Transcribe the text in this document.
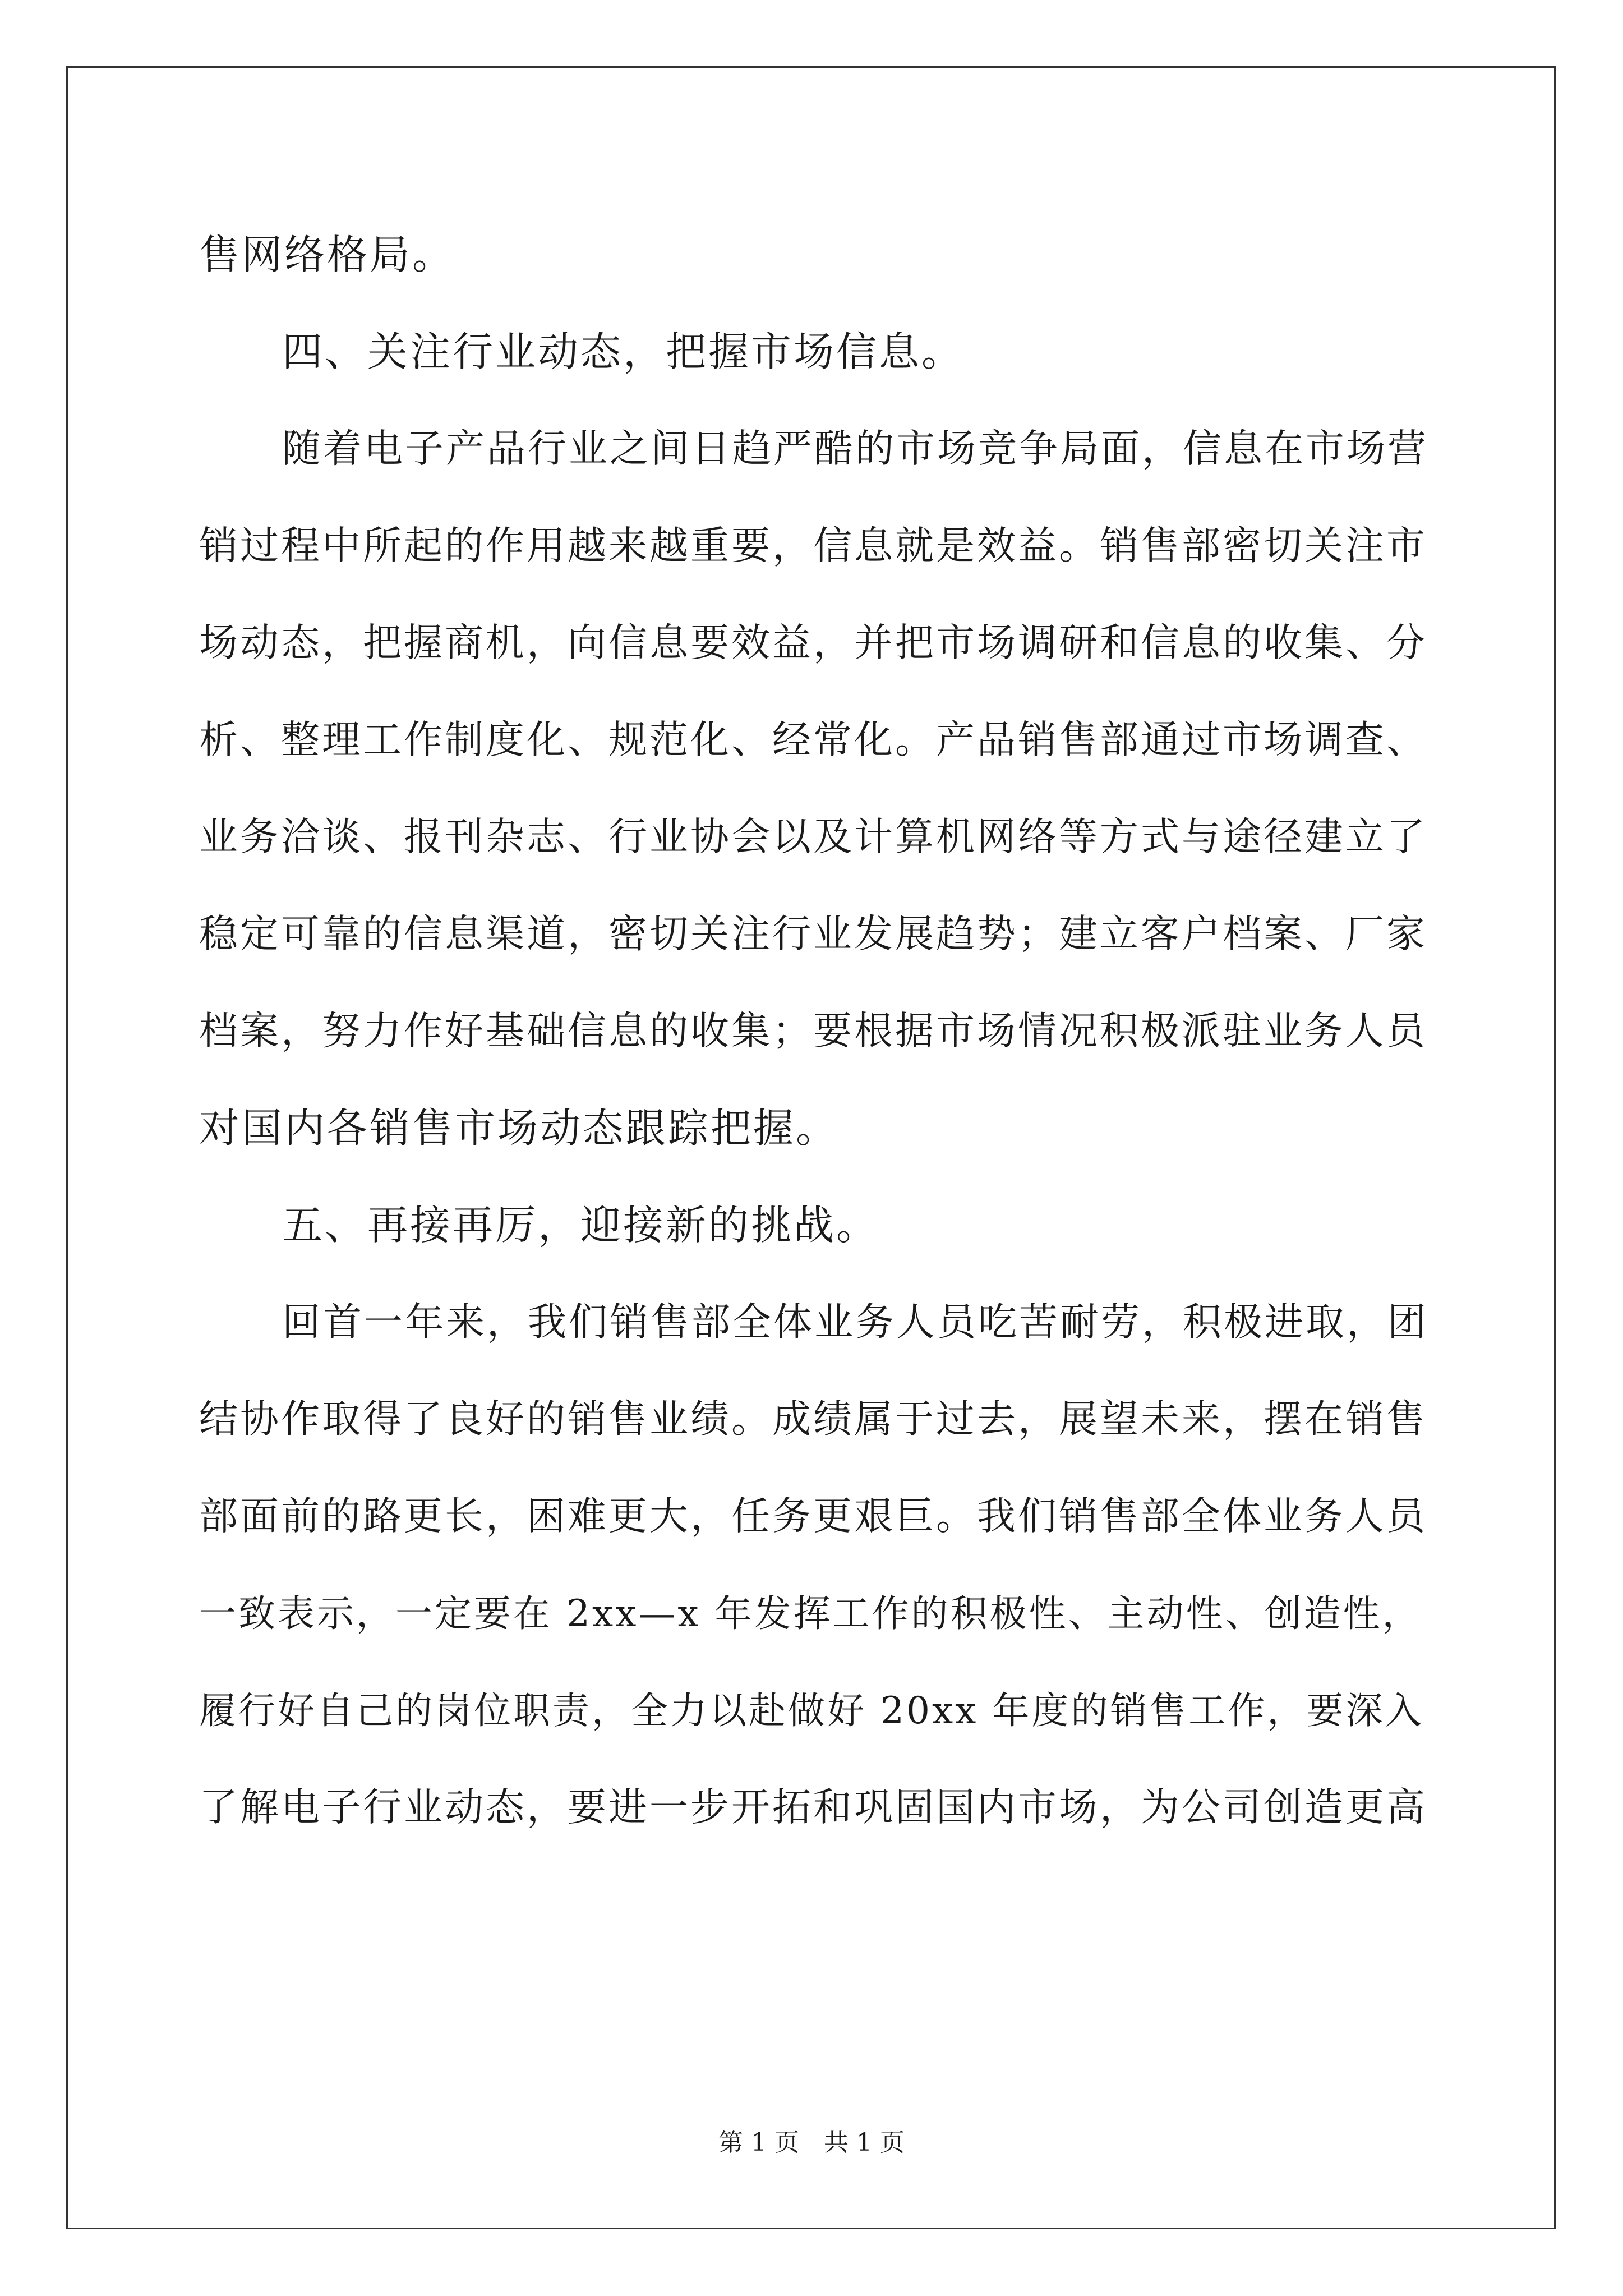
售网络格局。
四、关注行业动态，把握市场信息。
随着电子产品行业之间日趋严酷的市场竞争局面，信息在市场营
销过程中所起的作用越来越重要，信息就是效益。销售部密切关注市
场动态，把握商机，向信息要效益，并把市场调研和信息的收集、分
析、整理工作制度化、规范化、经常化。产品销售部通过市场调查、
业务洽谈、报刊杂志、行业协会以及计算机网络等方式与途径建立了
稳定可靠的信息渠道，密切关注行业发展趋势；建立客户档案、厂家
档案，努力作好基础信息的收集；要根据市场情况积极派驻业务人员
对国内各销售市场动态跟踪把握。
五、再接再厉，迎接新的挑战。
回首一年来，我们销售部全体业务人员吃苦耐劳，积极进取，团
结协作取得了良好的销售业绩。成绩属于过去，展望未来，摆在销售
部面前的路更长，困难更大，任务更艰巨。我们销售部全体业务人员
一致表示，一定要在 2xx—x 年发挥工作的积极性、主动性、创造性，
履行好自己的岗位职责，全力以赴做好 20xx 年度的销售工作，要深入
了解电子行业动态，要进一步开拓和巩固国内市场，为公司创造更高
第 1 页 共 1 页
